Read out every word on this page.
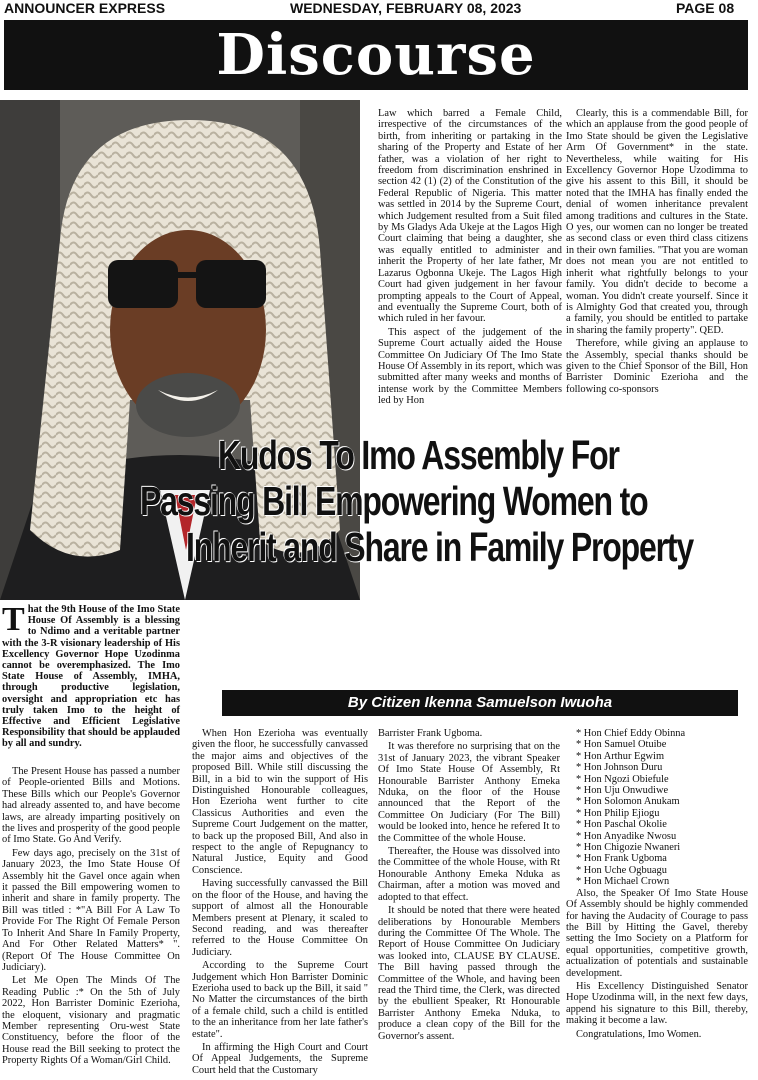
ANNOUNCER EXPRESS	WEDNESDAY, FEBRUARY 08, 2023	PAGE 08
Discourse

Law which barred a Female Child, irrespective of the circumstances of the birth, from inheriting or partaking in the sharing of the Property and Estate of her father, was a violation of her right to freedom from discrimination enshrined in section 42 (1) (2) of the Constitution of the Federal Republic of Nigeria. This matter was settled in 2014 by the Supreme Court, which Judgement resulted from a Suit filed by Ms Gladys Ada Ukeje at the Lagos High Court claiming that being a daughter, she was equally entitled to administer and inherit the Property of her late father, Mr Lazarus Ogbonna Ukeje. The Lagos High Court had given judgement in her favour prompting appeals to the Court of Appeal, and eventually the Supreme Court, both of which ruled in her favour.

This aspect of the judgement of the Supreme Court actually aided the House Committee On Judiciary Of The Imo State House Of Assembly in its report, which was submitted after many weeks and months of intense work by the Committee Members led by Hon

Clearly, this is a commendable Bill, for which an applause from the good people of Imo State should be given the Legislative Arm Of Government* in the state. Nevertheless, while waiting for His Excellency Governor Hope Uzodimma to give his assent to this Bill, it should be noted that the IMHA has finally ended the denial of women inheritance prevalent among traditions and cultures in the State. O yes, our women can no longer be treated as second class or even third class citizens in their own families. "That you are woman does not mean you are not entitled to inherit what rightfully belongs to your family. You didn't decide to become a woman. You didn't create yourself. Since it is Almighty God that created you, through a family, you should be entitled to partake in sharing the family property". QED.

Therefore, while giving an applause to the Assembly, special thanks should be given to the Chief Sponsor of the Bill, Hon Barrister Dominic Ezerioha and the following co-sponsors

Kudos To Imo Assembly For
Passing Bill Empowering Women to
Inherit and Share in Family Property
T hat the 9th House of the Imo State House Of Assembly is a blessing to Ndimo and a veritable partner with the 3-R visionary leadership of His Excellency Governor Hope Uzodinma cannot be overemphasized. The Imo State House of Assembly, IMHA, through productive legislation, oversight and appropriation etc has truly taken Imo to the height of Effective and Efficient Legislative Responsibility that should be applauded by all and sundry.
By Citizen Ikenna Samuelson Iwuoha

The Present House has passed a number of People-oriented Bills and Motions. These Bills which our People's Governor had already assented to, and have become laws, are already imparting positively on the lives and prosperity of the good people of Imo State. Go And Verify.

Few days ago, precisely on the 31st of January 2023, the Imo State House Of Assembly hit the Gavel once again when it passed the Bill empowering women to inherit and share in family property. The Bill was titled : *"A Bill For A Law To Provide For The Right Of Female Person To Inherit And Share In Family Property, And For Other Related Matters* ". (Report Of The House Committee On Judiciary).

Let Me Open The Minds Of The Reading Public :* On the 5th of July 2022, Hon Barrister Dominic Ezerioha, the eloquent, visionary and pragmatic Member representing Oru-west State Constituency, before the floor of the House read the Bill seeking to protect the Property Rights Of a Woman/Girl Child.

When Hon Ezerioha was eventually given the floor, he successfully canvassed the major aims and objectives of the proposed Bill. While still discussing the Bill, in a bid to win the support of His Distinguished Honourable colleagues, Hon Ezerioha went further to cite Classicus Authorities and even the Supreme Court Judgement on the matter, to back up the proposed Bill, And also in respect to the angle of Repugnancy to Natural Justice, Equity and Good Conscience.

Having successfully canvassed the Bill on the floor of the House, and having the support of almost all the Honourable Members present at Plenary, it scaled to Second reading, and was thereafter referred to the House Committee On Judiciary.

According to the Supreme Court Judgement which Hon Barrister Dominic Ezerioha used to back up the Bill, it said " No Matter the circumstances of the birth of a female child, such a child is entitled to the an inheritance from her late father's estate".

In affirming the High Court and Court Of Appeal Judgements, the Supreme Court held that the Customary

Barrister Frank Ugboma.

It was therefore no surprising that on the 31st of January 2023, the vibrant Speaker Of Imo State House Of Assembly, Rt Honourable Barrister Anthony Emeka Nduka, on the floor of the House announced that the Report of the Committee On Judiciary (For The Bill) would be looked into, hence he refered It to the Committee of the whole House.

Thereafter, the House was dissolved into the Committee of the whole House, with Rt Honourable Anthony Emeka Nduka as Chairman, after a motion was moved and adopted to that effect.

It should be noted that there were heated deliberations by Honourable Members during the Committee Of The Whole. The Report of House Committee On Judiciary was looked into, CLAUSE BY CLAUSE. The Bill having passed through the Committee of the Whole, and having been read the Third time, the Clerk, was directed by the ebullient Speaker, Rt Honourable Barrister Anthony Emeka Nduka, to produce a clean copy of the Bill for the Governor's assent.

* Hon Chief Eddy Obinna
* Hon Samuel Otuibe
* Hon Arthur Egwim
* Hon Johnson Duru
* Hon Ngozi Obiefule
* Hon Uju Onwudiwe
* Hon Solomon Anukam
* Hon Philip Ejiogu
* Hon Paschal Okolie
* Hon Anyadike Nwosu
* Hon Chigozie Nwaneri
* Hon Frank Ugboma
* Hon Uche Ogbuagu
* Hon Michael Crown

Also, the Speaker Of Imo State House Of Assembly should be highly commended for having the Audacity of Courage to pass the Bill by Hitting the Gavel, thereby setting the Imo Society on a Platform for equal opportunities, competitive growth, actualization of potentials and sustainable development.

His Excellency Distinguished Senator Hope Uzodinma will, in the next few days, append his signature to this Bill, thereby, making it become a law.

Congratulations, Imo Women.
